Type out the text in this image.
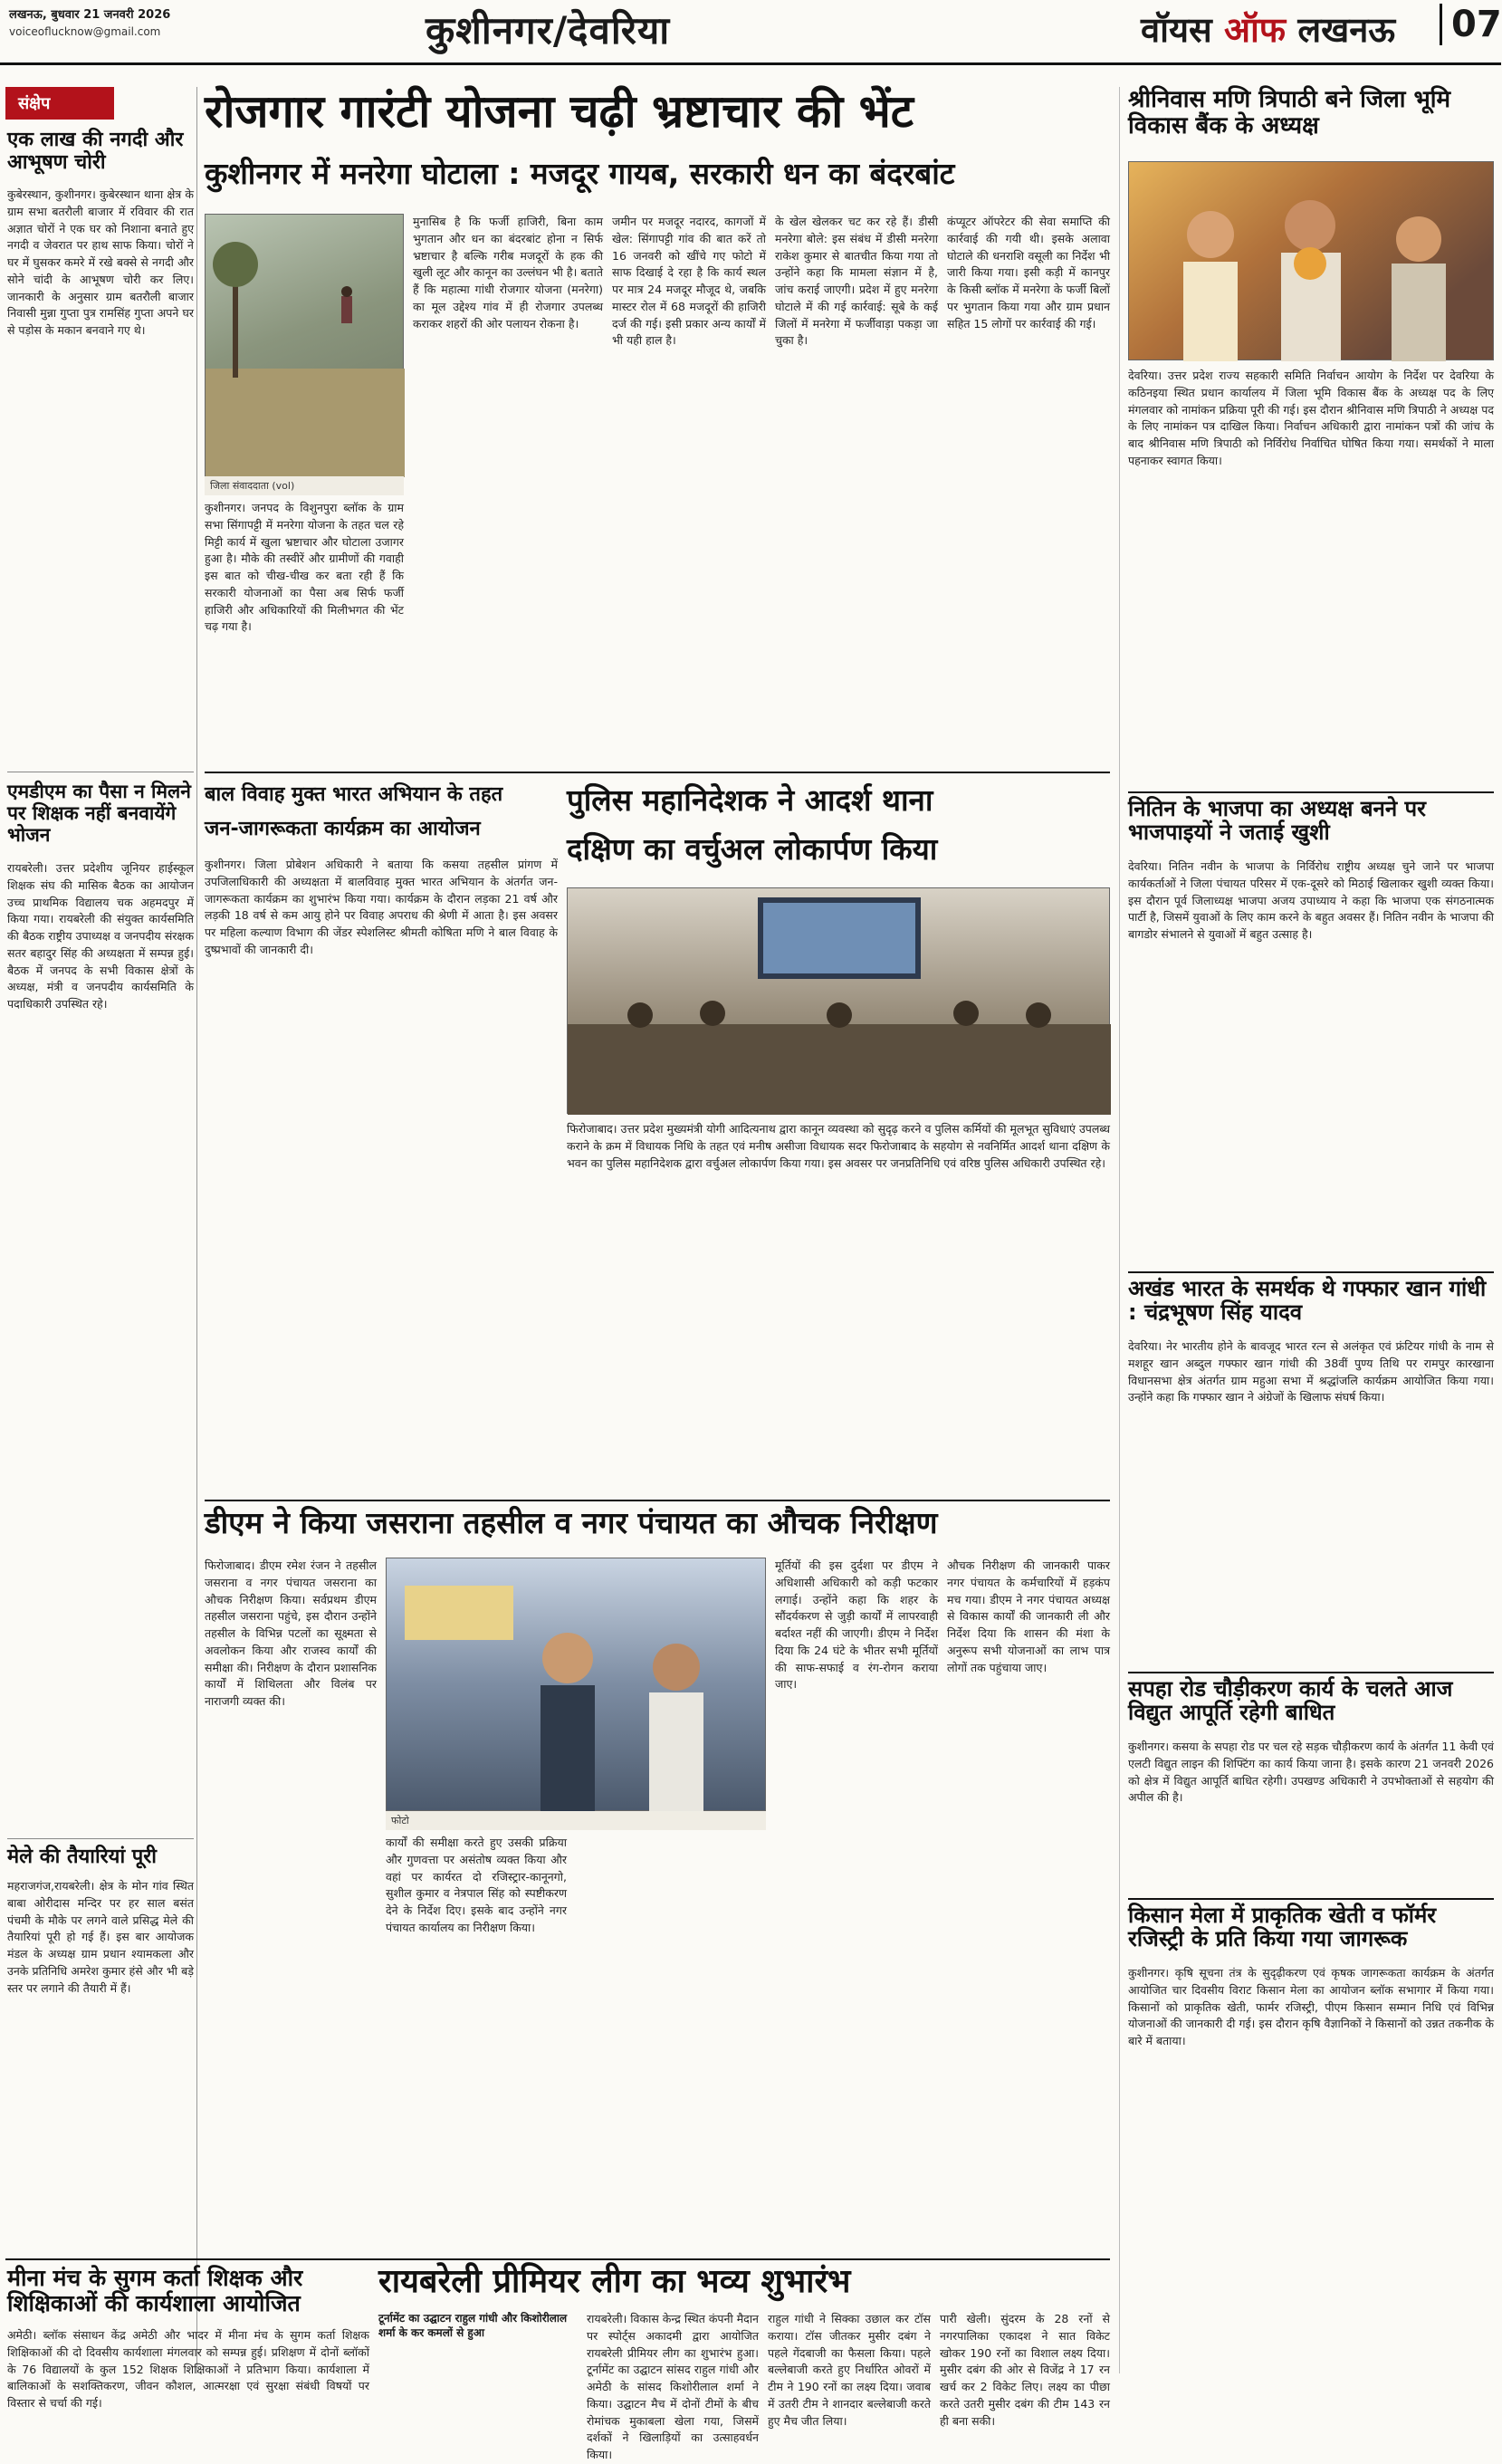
लखनऊ, बुधवार 21 जनवरी 2026
voiceoflucknow@gmail.com	कुशीनगर/देवरिया	वॉयस ऑफ लखनऊ	07
संक्षेप
एक लाख की नगदी और आभूषण चोरी
कुबेरस्थान, कुशीनगर। कुबेरस्थान थाना क्षेत्र के ग्राम सभा बतरौली बाजार में रविवार की रात अज्ञात चोरों ने एक घर को निशाना बनाते हुए नगदी व जेवरात पर हाथ साफ किया। चोरों ने घर में घुसकर कमरे में रखे बक्से से नगदी और सोने चांदी के आभूषण चोरी कर लिए। जानकारी के अनुसार ग्राम बतरौली बाजार निवासी मुन्ना गुप्ता पुत्र रामसिंह गुप्ता अपने घर से पड़ोस के मकान बनवाने गए थे।
एमडीएम का पैसा न मिलने पर शिक्षक नहीं बनवायेंगे भोजन
रायबरेली। उत्तर प्रदेशीय जूनियर हाईस्कूल शिक्षक संघ की मासिक बैठक का आयोजन उच्च प्राथमिक विद्यालय चक अहमदपुर में किया गया। रायबरेली की संयुक्त कार्यसमिति की बैठक राष्ट्रीय उपाध्यक्ष व जनपदीय संरक्षक सतर बहादुर सिंह की अध्यक्षता में सम्पन्न हुई। बैठक में जनपद के सभी विकास क्षेत्रों के अध्यक्ष, मंत्री व जनपदीय कार्यसमिति के पदाधिकारी उपस्थित रहे।
मेले की तैयारियां पूरी
महराजगंज,रायबरेली। क्षेत्र के मोन गांव स्थित बाबा ओरीदास मन्दिर पर हर साल बसंत पंचमी के मौके पर लगने वाले प्रसिद्ध मेले की तैयारियां पूरी हो गई हैं। इस बार आयोजक मंडल के अध्यक्ष ग्राम प्रधान श्यामकला और उनके प्रतिनिधि अमरेश कुमार हंसे और भी बड़े स्तर पर लगाने की तैयारी में हैं।
रोजगार गारंटी योजना चढ़ी भ्रष्टाचार की भेंट
कुशीनगर में मनरेगा घोटाला : मजदूर गायब, सरकारी धन का बंदरबांट
जिला संवाददाता (vol)
कुशीनगर। जनपद के विशुनपुरा ब्लॉक के ग्राम सभा सिंगापट्टी में मनरेगा योजना के तहत चल रहे मिट्टी कार्य में खुला भ्रष्टाचार और घोटाला उजागर हुआ है। मौके की तस्वीरें और ग्रामीणों की गवाही इस बात को चीख-चीख कर बता रही हैं कि सरकारी योजनाओं का पैसा अब सिर्फ फर्जी हाजिरी और अधिकारियों की मिलीभगत की भेंट चढ़ गया है।
मुनासिब है कि फर्जी हाजिरी, बिना काम भुगतान और धन का बंदरबांट होना न सिर्फ भ्रष्टाचार है बल्कि गरीब मजदूरों के हक की खुली लूट और कानून का उल्लंघन भी है। बताते हैं कि महात्मा गांधी रोजगार योजना (मनरेगा) का मूल उद्देश्य गांव में ही रोजगार उपलब्ध कराकर शहरों की ओर पलायन रोकना है।
जमीन पर मजदूर नदारद, कागजों में खेल: सिंगापट्टी गांव की बात करें तो 16 जनवरी को खींचे गए फोटो में साफ दिखाई दे रहा है कि कार्य स्थल पर मात्र 24 मजदूर मौजूद थे, जबकि मास्टर रोल में 68 मजदूरों की हाजिरी दर्ज की गई। इसी प्रकार अन्य कार्यों में भी यही हाल है।
के खेल खेलकर चट कर रहे हैं। डीसी मनरेगा बोले: इस संबंध में डीसी मनरेगा राकेश कुमार से बातचीत किया गया तो उन्होंने कहा कि मामला संज्ञान में है, जांच कराई जाएगी। प्रदेश में हुए मनरेगा घोटाले में की गई कार्रवाई: सूबे के कई जिलों में मनरेगा में फर्जीवाड़ा पकड़ा जा चुका है।
कंप्यूटर ऑपरेटर की सेवा समाप्ति की कार्रवाई की गयी थी। इसके अलावा घोटाले की धनराशि वसूली का निर्देश भी जारी किया गया। इसी कड़ी में कानपुर के किसी ब्लॉक में मनरेगा के फर्जी बिलाें पर भुगतान किया गया और ग्राम प्रधान सहित 15 लोगों पर कार्रवाई की गई।
श्रीनिवास मणि त्रिपाठी बने जिला भूमि विकास बैंक के अध्यक्ष
देवरिया। उत्तर प्रदेश राज्य सहकारी समिति निर्वाचन आयोग के निर्देश पर देवरिया के कठिनइया स्थित प्रधान कार्यालय में जिला भूमि विकास बैंक के अध्यक्ष पद के लिए मंगलवार को नामांकन प्रक्रिया पूरी की गई। इस दौरान श्रीनिवास मणि त्रिपाठी ने अध्यक्ष पद के लिए नामांकन पत्र दाखिल किया। निर्वाचन अधिकारी द्वारा नामांकन पत्रों की जांच के बाद श्रीनिवास मणि त्रिपाठी को निर्विरोध निर्वाचित घोषित किया गया। समर्थकों ने माला पहनाकर स्वागत किया।
नितिन के भाजपा का अध्यक्ष बनने पर भाजपाइयों ने जताई खुशी
देवरिया। नितिन नवीन के भाजपा के निर्विरोध राष्ट्रीय अध्यक्ष चुने जाने पर भाजपा कार्यकर्ताओं ने जिला पंचायत परिसर में एक-दूसरे को मिठाई खिलाकर खुशी व्यक्त किया। इस दौरान पूर्व जिलाध्यक्ष भाजपा अजय उपाध्याय ने कहा कि भाजपा एक संगठनात्मक पार्टी है, जिसमें युवाओं के लिए काम करने के बहुत अवसर हैं। नितिन नवीन के भाजपा की बागडोर संभालने से युवाओं में बहुत उत्साह है।
अखंड भारत के समर्थक थे गफ्फार खान गांधी : चंद्रभूषण सिंह यादव
देवरिया। नेर भारतीय होने के बावजूद भारत रत्न से अलंकृत एवं फ्रंटियर गांधी के नाम से मशहूर खान अब्दुल गफ्फार खान गांधी की 38वीं पुण्य तिथि पर रामपुर कारखाना विधानसभा क्षेत्र अंतर्गत ग्राम महुआ सभा में श्रद्धांजलि कार्यक्रम आयोजित किया गया। उन्होंने कहा कि गफ्फार खान ने अंग्रेजों के खिलाफ संघर्ष किया।
सपहा रोड चौड़ीकरण कार्य के चलते आज विद्युत आपूर्ति रहेगी बाधित
कुशीनगर। कसया के सपहा रोड पर चल रहे सड़क चौड़ीकरण कार्य के अंतर्गत 11 केवी एवं एलटी विद्युत लाइन की शिफ्टिंग का कार्य किया जाना है। इसके कारण 21 जनवरी 2026 को क्षेत्र में विद्युत आपूर्ति बाधित रहेगी। उपखण्ड अधिकारी ने उपभोक्ताओं से सहयोग की अपील की है।
किसान मेला में प्राकृतिक खेती व फॉर्मर रजिस्ट्री के प्रति किया गया जागरूक
कुशीनगर। कृषि सूचना तंत्र के सुदृढ़ीकरण एवं कृषक जागरूकता कार्यक्रम के अंतर्गत आयोजित चार दिवसीय विराट किसान मेला का आयोजन ब्लॉक सभागार में किया गया। किसानों को प्राकृतिक खेती, फार्मर रजिस्ट्री, पीएम किसान सम्मान निधि एवं विभिन्न योजनाओं की जानकारी दी गई। इस दौरान कृषि वैज्ञानिकों ने किसानों को उन्नत तकनीक के बारे में बताया।
बाल विवाह मुक्त भारत अभियान के तहत
जन-जागरूकता कार्यक्रम का आयोजन
कुशीनगर। जिला प्रोबेशन अधिकारी ने बताया कि कसया तहसील प्रांगण में उपजिलाधिकारी की अध्यक्षता में बालविवाह मुक्त भारत अभियान के अंतर्गत जन-जागरूकता कार्यक्रम का शुभारंभ किया गया। कार्यक्रम के दौरान लड़का 21 वर्ष और लड़की 18 वर्ष से कम आयु होने पर विवाह अपराध की श्रेणी में आता है। इस अवसर पर महिला कल्याण विभाग की जेंडर स्पेशलिस्ट श्रीमती कोषिता मणि ने बाल विवाह के दुष्प्रभावों की जानकारी दी।
पुलिस महानिदेशक ने आदर्श थाना
दक्षिण का वर्चुअल लोकार्पण किया
फिरोजाबाद। उत्तर प्रदेश मुख्यमंत्री योगी आदित्यनाथ द्वारा कानून व्यवस्था को सुदृढ़ करने व पुलिस कर्मियों की मूलभूत सुविधाएं उपलब्ध कराने के क्रम में विधायक निधि के तहत एवं मनीष असीजा विधायक सदर फिरोजाबाद के सहयोग से नवनिर्मित आदर्श थाना दक्षिण के भवन का पुलिस महानिदेशक द्वारा वर्चुअल लोकार्पण किया गया। इस अवसर पर जनप्रतिनिधि एवं वरिष्ठ पुलिस अधिकारी उपस्थित रहे।
डीएम ने किया जसराना तहसील व नगर पंचायत का औचक निरीक्षण
फिरोजाबाद। डीएम रमेश रंजन ने तहसील जसराना व नगर पंचायत जसराना का औचक निरीक्षण किया। सर्वप्रथम डीएम तहसील जसराना पहुंचे, इस दौरान उन्होंने तहसील के विभिन्न पटलों का सूक्ष्मता से अवलोकन किया और राजस्व कार्यों की समीक्षा की। निरीक्षण के दौरान प्रशासनिक कार्यों में शिथिलता और विलंब पर नाराजगी व्यक्त की।
फोटो
कार्यों की समीक्षा करते हुए उसकी प्रक्रिया और गुणवत्ता पर असंतोष व्यक्त किया और वहां पर कार्यरत दो रजिस्ट्रार-कानूनगो, सुशील कुमार व नेत्रपाल सिंह को स्पष्टीकरण देने के निर्देश दिए। इसके बाद उन्होंने नगर पंचायत कार्यालय का निरीक्षण किया।
मूर्तियों की इस दुर्दशा पर डीएम ने अधिशासी अधिकारी को कड़ी फटकार लगाई। उन्होंने कहा कि शहर के सौंदर्यकरण से जुड़ी कार्यों में लापरवाही बर्दाश्त नहीं की जाएगी। डीएम ने निर्देश दिया कि 24 घंटे के भीतर सभी मूर्तियों की साफ-सफाई व रंग-रोगन कराया जाए।
औचक निरीक्षण की जानकारी पाकर नगर पंचायत के कर्मचारियों में हड़कंप मच गया। डीएम ने नगर पंचायत अध्यक्ष से विकास कार्यों की जानकारी ली और निर्देश दिया कि शासन की मंशा के अनुरूप सभी योजनाओं का लाभ पात्र लोगों तक पहुंचाया जाए।
मीना मंच के सुगम कर्ता शिक्षक और शिक्षिकाओं की कार्यशाला आयोजित
अमेठी। ब्लॉक संसाधन केंद्र अमेठी और भादर में मीना मंच के सुगम कर्ता शिक्षक शिक्षिकाओं की दो दिवसीय कार्यशाला मंगलवार को सम्पन्न हुई। प्रशिक्षण में दोनों ब्लॉकों के 76 विद्यालयों के कुल 152 शिक्षक शिक्षिकाओं ने प्रतिभाग किया। कार्यशाला में बालिकाओं के सशक्तिकरण, जीवन कौशल, आत्मरक्षा एवं सुरक्षा संबंधी विषयों पर विस्तार से चर्चा की गई।
रायबरेली प्रीमियर लीग का भव्य शुभारंभ
टूर्नामेंट का उद्घाटन राहुल गांधी और किशोरीलाल शर्मा के कर कमलों से हुआ
रायबरेली। विकास केन्द्र स्थित कंपनी मैदान पर स्पोर्ट्स अकादमी द्वारा आयोजित रायबरेली प्रीमियर लीग का शुभारंभ हुआ। टूर्नामेंट का उद्घाटन सांसद राहुल गांधी और अमेठी के सांसद किशोरीलाल शर्मा ने किया। उद्घाटन मैच में दोनों टीमों के बीच रोमांचक मुकाबला खेला गया, जिसमें दर्शकों ने खिलाड़ियों का उत्साहवर्धन किया।
राहुल गांधी ने सिक्का उछाल कर टॉस कराया। टॉस जीतकर मुसीर दबंग ने पहले गेंदबाजी का फैसला किया। पहले बल्लेबाजी करते हुए निर्धारित ओवरों में टीम ने 190 रनों का लक्ष्य दिया। जवाब में उतरी टीम ने शानदार बल्लेबाजी करते हुए मैच जीत लिया।
पारी खेली। सुंदरम के 28 रनों से नगरपालिका एकादश ने सात विकेट खोकर 190 रनों का विशाल लक्ष्य दिया। मुसीर दबंग की ओर से विजेंद्र ने 17 रन खर्च कर 2 विकेट लिए। लक्ष्य का पीछा करते उतरी मुसीर दबंग की टीम 143 रन ही बना सकी।
